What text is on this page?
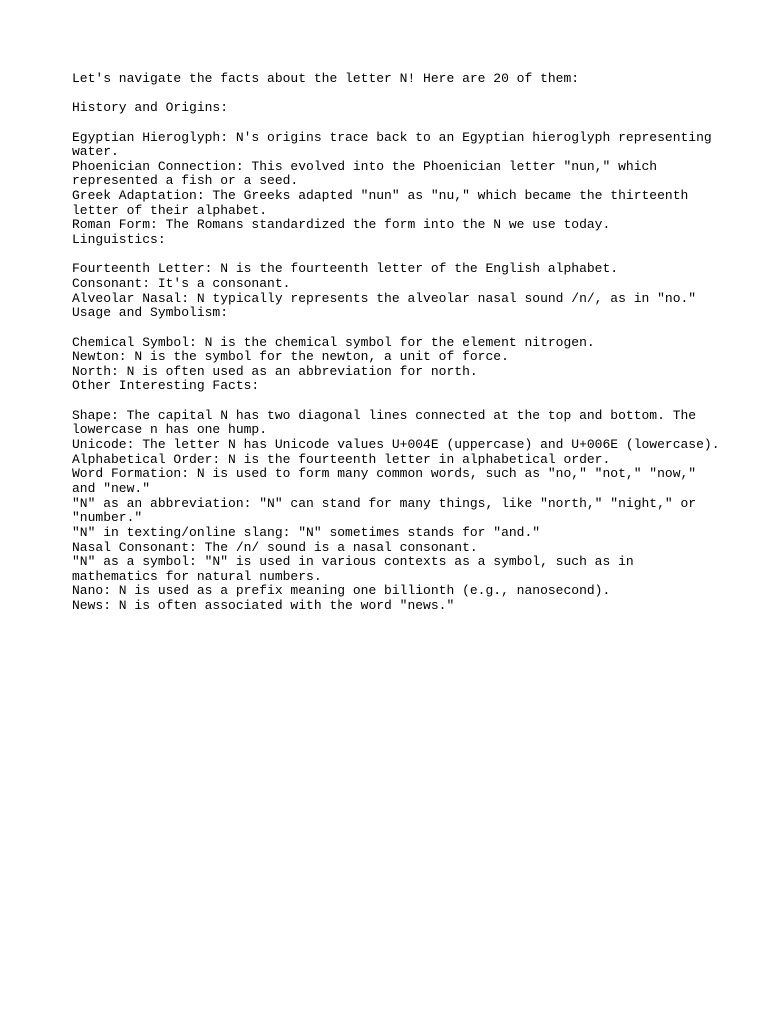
Let's navigate the facts about the letter N! Here are 20 of them:
History and Origins:
Egyptian Hieroglyph: N's origins trace back to an Egyptian hieroglyph representing
water.
Phoenician Connection: This evolved into the Phoenician letter "nun," which
represented a fish or a seed.
Greek Adaptation: The Greeks adapted "nun" as "nu," which became the thirteenth
letter of their alphabet.
Roman Form: The Romans standardized the form into the N we use today.
Linguistics:
Fourteenth Letter: N is the fourteenth letter of the English alphabet.
Consonant: It's a consonant.
Alveolar Nasal: N typically represents the alveolar nasal sound /n/, as in "no."
Usage and Symbolism:
Chemical Symbol: N is the chemical symbol for the element nitrogen.
Newton: N is the symbol for the newton, a unit of force.
North: N is often used as an abbreviation for north.
Other Interesting Facts:
Shape: The capital N has two diagonal lines connected at the top and bottom. The
lowercase n has one hump.
Unicode: The letter N has Unicode values U+004E (uppercase) and U+006E (lowercase).
Alphabetical Order: N is the fourteenth letter in alphabetical order.
Word Formation: N is used to form many common words, such as "no," "not," "now,"
and "new."
"N" as an abbreviation: "N" can stand for many things, like "north," "night," or
"number."
"N" in texting/online slang: "N" sometimes stands for "and."
Nasal Consonant: The /n/ sound is a nasal consonant.
"N" as a symbol: "N" is used in various contexts as a symbol, such as in
mathematics for natural numbers.
Nano: N is used as a prefix meaning one billionth (e.g., nanosecond).
News: N is often associated with the word "news."
